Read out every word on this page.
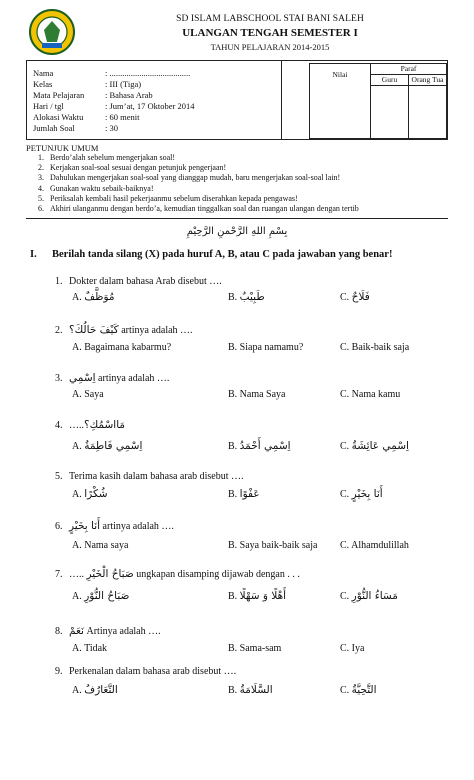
SD ISLAM LABSCHOOL STAI BANI SALEH
ULANGAN TENGAH SEMESTER I
TAHUN PELAJARAN 2014-2015
Nama	: ......................................
Kelas	: III (Tiga)
Mata Pelajaran : Bahasa Arab
Hari / tgl	: Jum’at, 17 Oktober 2014
Alokasi Waktu	: 60 menit
Jumlah Soal	: 30
Nilai
Paraf
Guru	Orang Tua
PETUNJUK UMUM
1. Berdo’alah sebelum mengerjakan soal!
2. Kerjakan soal-soal sesuai dengan petunjuk pengerjaan!
3. Dahulukan mengerjakan soal-soal yang dianggap mudah, baru mengerjakan soal-soal lain!
4. Gunakan waktu sebaik-baiknya!
5. Periksalah kembali hasil pekerjaanmu sebelum diserahkan kepada pengawas!
6. Akhiri ulanganmu dengan berdo’a, kemudian tinggalkan soal dan ruangan ulangan dengan tertib
بِسْمِ اللهِ الرَّحْمنِ الرَّحِيْمِ
I. Berilah tanda silang (X) pada huruf A, B, atau C pada jawaban yang benar!
1. Dokter dalam bahasa Arab disebut ….
A. مُوَظَّفٌ	B. طَبِيْبٌ	C. فَلَاحٌ
2. كَيْفَ حَالُكَ؟ artinya adalah ….
A. Bagaimana kabarmu?	B. Siapa namamu?	C. Baik-baik saja
3. اِسْمِي artinya adalah ….
A. Saya	B. Nama Saya	C. Nama kamu
4. …..مَااسْمُكِ؟
A. اِسْمِي فَاطِمَةُ	B. اِسْمِي أَحْمَدُ	C. اِسْمِي عَائِشَةُ
5. Terima kasih dalam bahasa arab disebut ….
A. شُكْرًا	B. عَفْوًا	C. أَنَا بِخَيْرٍ
6. أَنَا بِخَيْرٍ artinya adalah ….
A. Nama saya	B. Saya baik-baik saja C. Alhamdulillah
7. ….. صَبَاحُ الْخَيْرِ ungkapan disamping dijawab dengan . . .
A. صَبَاحُ النُّوْرِ	B. أَهْلًا وَ سَهْلًا	C. مَسَاءُ النُّوْرِ
8. نَعَمْ Artinya adalah ….
A. Tidak	B. Sama-sam	C. Iya
9. Perkenalan dalam bahasa arab disebut ….
A. التَّعَارُفُ	B. السَّلَامَةُ	C. التَّحِيَّةُ
